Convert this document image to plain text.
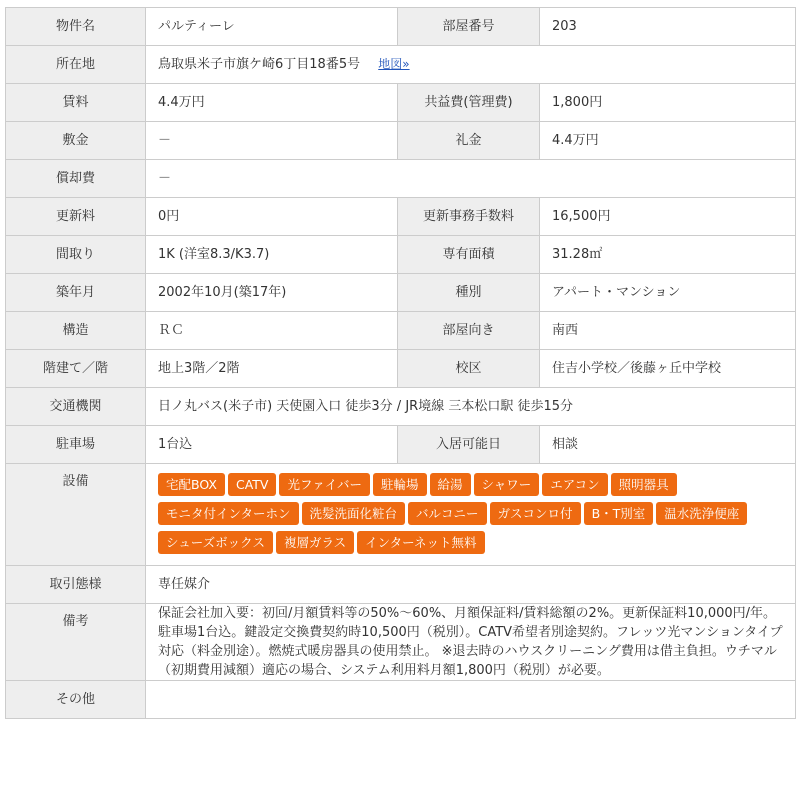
物件名	パルティーレ	部屋番号	203
所在地	鳥取県米子市旗ケ崎6丁目18番5号 地図»		
賃料	4.4万円	共益費(管理費)	1,800円
敷金	－	礼金	4.4万円
償却費	－		
更新料	0円	更新事務手数料	16,500円
間取り	1K (洋室8.3/K3.7)	専有面積	31.28㎡
築年月	2002年10月(築17年)	種別	アパート・マンション
構造	ＲＣ	部屋向き	南西
階建て／階	地上3階／2階	校区	住吉小学校／後藤ヶ丘中学校
交通機関	日ノ丸バス(米子市) 天使園入口 徒歩3分 / JR境線 三本松口駅 徒歩15分		
駐車場	1台込	入居可能日	相談
設備	宅配BOX CATV 光ファイバー 駐輪場 給湯 シャワー エアコン 照明器具モニタ付インターホン 洗髪洗面化粧台 バルコニー ガスコンロ付 B・T別室 温水洗浄便座シューズボックス 複層ガラス インターネット無料		

取引態様	専任媒介		
備考	保証会社加入要：初回/月額賃料等の50%～60%、月額保証料/賃料総額の2%。更新保証料10,000円/年。 駐車場1台込。鍵設定交換費契約時10,500円（税別）。CATV希望者別途契約。フレッツ光マンションタイプ対応（料金別途）。燃焼式暖房器具の使用禁止。 ※退去時のハウスクリーニング費用は借主負担。ウチマル（初期費用減額）適応の場合、システム利用料月額1,800円（税別）が必要。		
その他			
